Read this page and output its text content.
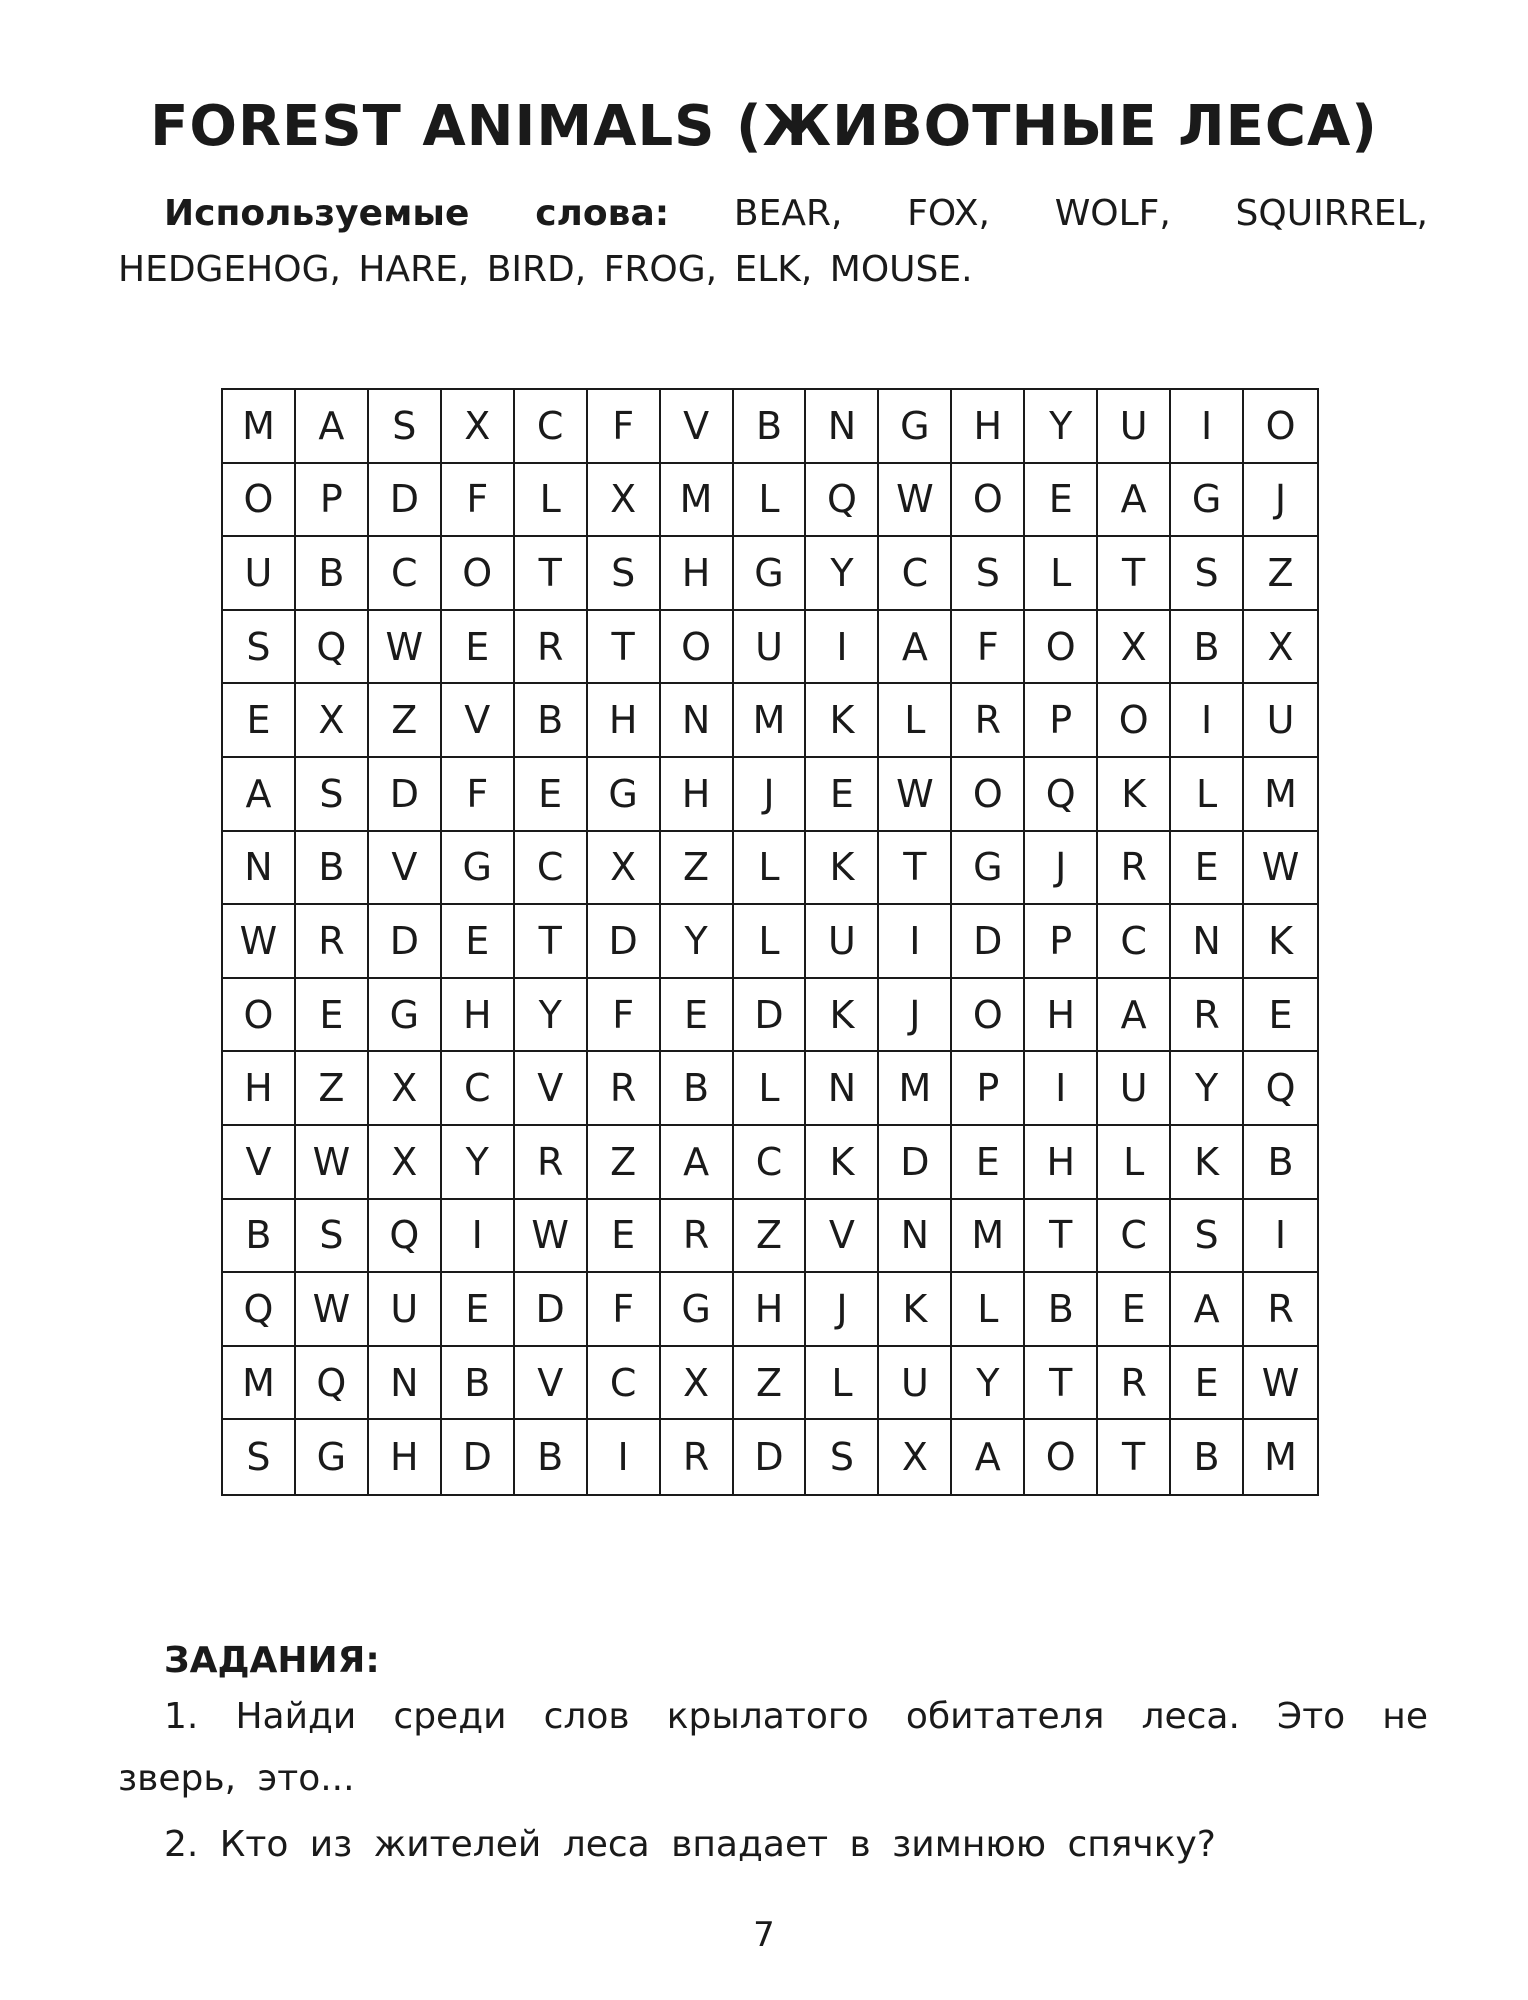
FOREST ANIMALS (ЖИВОТНЫЕ ЛЕСА)
Используемые слова: BEAR, FOX, WOLF, SQUIRREL, HEDGEHOG, HARE, BIRD, FROG, ELK, MOUSE.
M	A	S	X	C	F	V	B	N	G	H	Y	U	I	O
O	P	D	F	L	X	M	L	Q	W	O	E	A	G	J
U	B	C	O	T	S	H	G	Y	C	S	L	T	S	Z
S	Q	W	E	R	T	O	U	I	A	F	O	X	B	X
E	X	Z	V	B	H	N	M	K	L	R	P	O	I	U
A	S	D	F	E	G	H	J	E	W	O	Q	K	L	M
N	B	V	G	C	X	Z	L	K	T	G	J	R	E	W
W	R	D	E	T	D	Y	L	U	I	D	P	C	N	K
O	E	G	H	Y	F	E	D	K	J	O	H	A	R	E
H	Z	X	C	V	R	B	L	N	M	P	I	U	Y	Q
V	W	X	Y	R	Z	A	C	K	D	E	H	L	K	B
B	S	Q	I	W	E	R	Z	V	N	M	T	C	S	I
Q	W	U	E	D	F	G	H	J	K	L	B	E	A	R
M	Q	N	B	V	C	X	Z	L	U	Y	T	R	E	W
S	G	H	D	B	I	R	D	S	X	A	O	T	B	M
ЗАДАНИЯ:
1. Найди среди слов крылатого обитателя леса. Это не зверь, это...
2. Кто из жителей леса впадает в зимнюю спячку?
7
